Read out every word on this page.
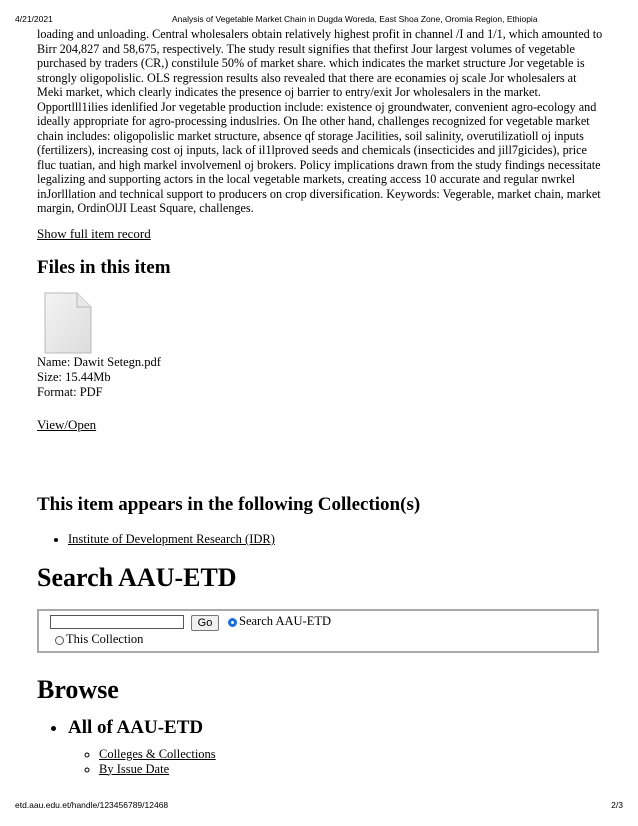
4/21/2021	Analysis of Vegetable Market Chain in Dugda Woreda, East Shoa Zone, Oromia Region, Ethiopia

loading and unloading. Central wholesalers obtain relatively highest profit in channel /I and 1/1, which amounted to Birr 204,827 and 58,675, respectively. The study result signifies that thefirst Jour largest volumes of vegetable purchased by traders (CR,) constilule 50% of market share. which indicates the market structure Jor vegetable is strongly oligopolislic. OLS regression results also revealed that there are econamies oj scale Jor wholesalers at Meki market, which clearly indicates the presence oj barrier to entry/exit Jor wholesalers in the market. Opportlll1ilies idenlified Jor vegetable production include: existence oj groundwater, convenient agro-ecology and ideally appropriate for agro-processing induslries. On Ihe other hand, challenges recognized for vegetable market chain includes: oligopolislic market structure, absence qf storage Jacilities, soil salinity, overutilizatioll oj inputs (fertilizers), increasing cost oj inputs, lack of il1lproved seeds and chemicals (insecticides and jill7gicides), price fluc tuatian, and high markel involvemenl oj brokers. Policy implications drawn from the study findings necessitate legalizing and supporting actors in the local vegetable markets, creating access 10 accurate and regular nwrkel inJorlllation and technical support to producers on crop diversification. Keywords: Vegerable, market chain, market margin, OrdinOlJI Least Square, challenges.

Show full item record
Files in this item
Name: Dawit Setegn.pdf
Size: 15.44Mb
Format: PDF
View/Open
This item appears in the following Collection(s)
• Institute of Development Research (IDR)
Search AAU-ETD
Go	Search AAU-ETD
This Collection
Browse
• All of AAU-ETD
◦ Colleges & Collections
◦ By Issue Date
etd.aau.edu.et/handle/123456789/12468	2/3
